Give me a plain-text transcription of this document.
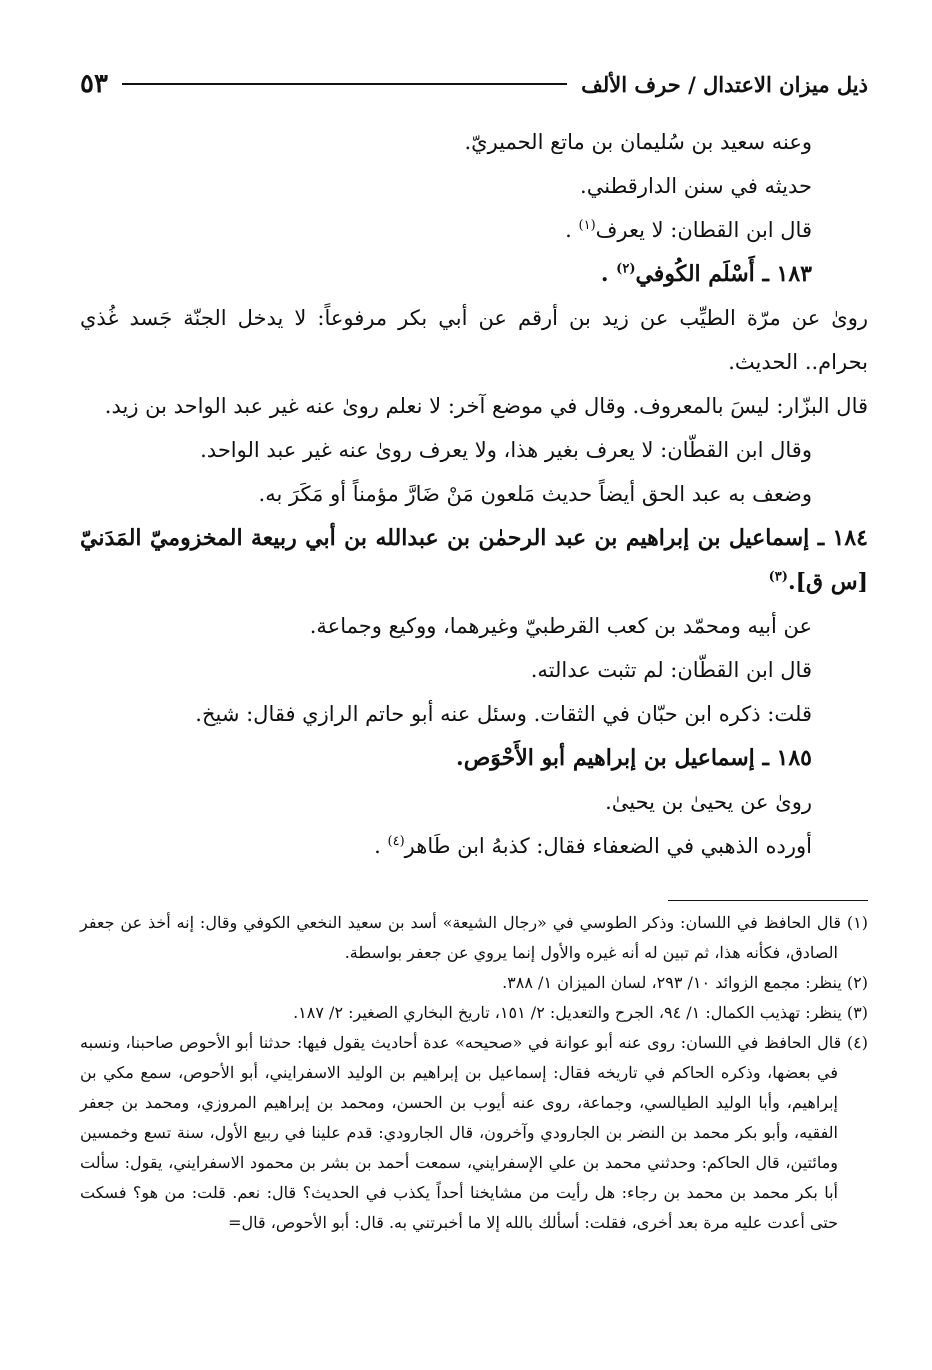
ذيل ميزان الاعتدال / حرف الألف
٥٣

وعنه سعيد بن سُليمان بن ماتع الحميريّ.

حديثه في سنن الدارقطني.

قال ابن القطان: لا يعرف$^{(١)}$ .

١٨٣ ـ أَسْلَم الكُوفي$^{(٢)}$ .

روىٰ عن مرّة الطيِّب عن زيد بن أرقم عن أبي بكر مرفوعاً: لا يدخل الجنّة جَسد غُذي بحرام.. الحديث.

قال البزّار: ليسَ بالمعروف. وقال في موضع آخر: لا نعلم روىٰ عنه غير عبد الواحد بن زيد.

وقال ابن القطّان: لا يعرف بغير هذا، ولا يعرف روىٰ عنه غير عبد الواحد.

وضعف به عبد الحق أيضاً حديث مَلعون مَنْ ضَارَّ مؤمناً أو مَكَرَ به.

١٨٤ ـ إسماعيل بن إبراهيم بن عبد الرحمٰن بن عبدالله بن أبي ربيعة المخزوميّ المَدَنيّ [س ق].$^{(٣)}$

عن أبيه ومحمّد بن كعب القرطبيّ وغيرهما، ووكيع وجماعة.

قال ابن القطّان: لم تثبت عدالته.

قلت: ذكره ابن حبّان في الثقات. وسئل عنه أبو حاتم الرازي فقال: شيخ.

١٨٥ ـ إسماعيل بن إبراهيم أبو الأَحْوَص.

روىٰ عن يحيىٰ بن يحيىٰ.

أورده الذهبي في الضعفاء فقال: كذبهُ ابن طَاهر$^{(٤)}$ .

(١) قال الحافظ في اللسان: وذكر الطوسي في «رجال الشيعة» أسد بن سعيد النخعي الكوفي وقال: إنه أخذ عن جعفر الصادق، فكأنه هذا، ثم تبين له أنه غيره والأول إنما يروي عن جعفر بواسطة.

(٢) ينظر: مجمع الزوائد ١٠/ ٢٩٣، لسان الميزان ١/ ٣٨٨.

(٣) ينظر: تهذيب الكمال: ١/ ٩٤، الجرح والتعديل: ٢/ ١٥١، تاريخ البخاري الصغير: ٢/ ١٨٧.

(٤) قال الحافظ في اللسان: روى عنه أبو عوانة في «صحيحه» عدة أحاديث يقول فيها: حدثنا أبو الأحوص صاحبنا، ونسبه في بعضها، وذكره الحاكم في تاريخه فقال: إسماعيل بن إبراهيم بن الوليد الاسفرايني، أبو الأحوص، سمع مكي بن إبراهيم، وأبا الوليد الطيالسي، وجماعة، روى عنه أيوب بن الحسن، ومحمد بن إبراهيم المروزي، ومحمد بن جعفر الفقيه، وأبو بكر محمد بن النضر بن الجارودي وآخرون، قال الجارودي: قدم علينا في ربيع الأول، سنة تسع وخمسين ومائتين، قال الحاكم: وحدثني محمد بن علي الإسفرايني، سمعت أحمد بن بشر بن محمود الاسفرايني، يقول: سألت أبا بكر محمد بن محمد بن رجاء: هل رأيت من مشايخنا أحداً يكذب في الحديث؟ قال: نعم. قلت: من هو؟ فسكت حتى أعدت عليه مرة بعد أخرى، فقلت: أسألك بالله إلا ما أخبرتني به. قال: أبو الأحوص، قال=
